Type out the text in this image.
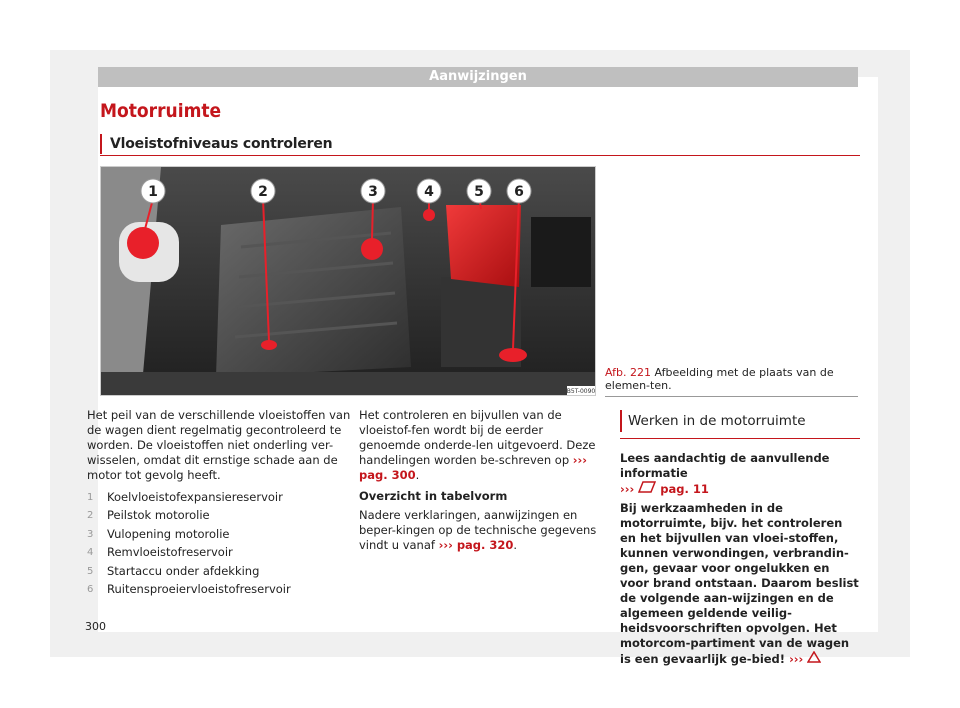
Aanwijzingen
Motorruimte
Vloeistofniveaus controleren
1	2	3	4	5 6
B5T-0090
Afb. 221 Afbeelding met de plaats van de elemen-ten.

Het peil van de verschillende vloeistoffen van de wagen dient regelmatig gecontroleerd te worden. De vloeistoffen niet onderling ver-wisselen, omdat dit ernstige schade aan de motor tot gevolg heeft.

1	Koelvloeistofexpansiereservoir
2	Peilstok motorolie
3	Vulopening motorolie
4	Remvloeistofreservoir
5	Startaccu onder afdekking
6	Ruitensproeiervloeistofreservoir

Het controleren en bijvullen van de vloeistof-fen wordt bij de eerder genoemde onderde-len uitgevoerd. Deze handelingen worden be-schreven op ››› pag. 300.

Overzicht in tabelvorm

Nadere verklaringen, aanwijzingen en beper-kingen op de technische gegevens vindt u vanaf ››› pag. 320.

Werken in de motorruimte

Lees aandachtig de aanvullende informatie
›››  pag. 11

Bij werkzaamheden in de motorruimte, bijv. het controleren en het bijvullen van vloei-stoffen, kunnen verwondingen, verbrandin-gen, gevaar voor ongelukken en voor brand ontstaan. Daarom beslist de volgende aan-wijzingen en de algemeen geldende veilig-heidsvoorschriften opvolgen. Het motorcom-partiment van de wagen is een gevaarlijk ge-bied! ›››

300
